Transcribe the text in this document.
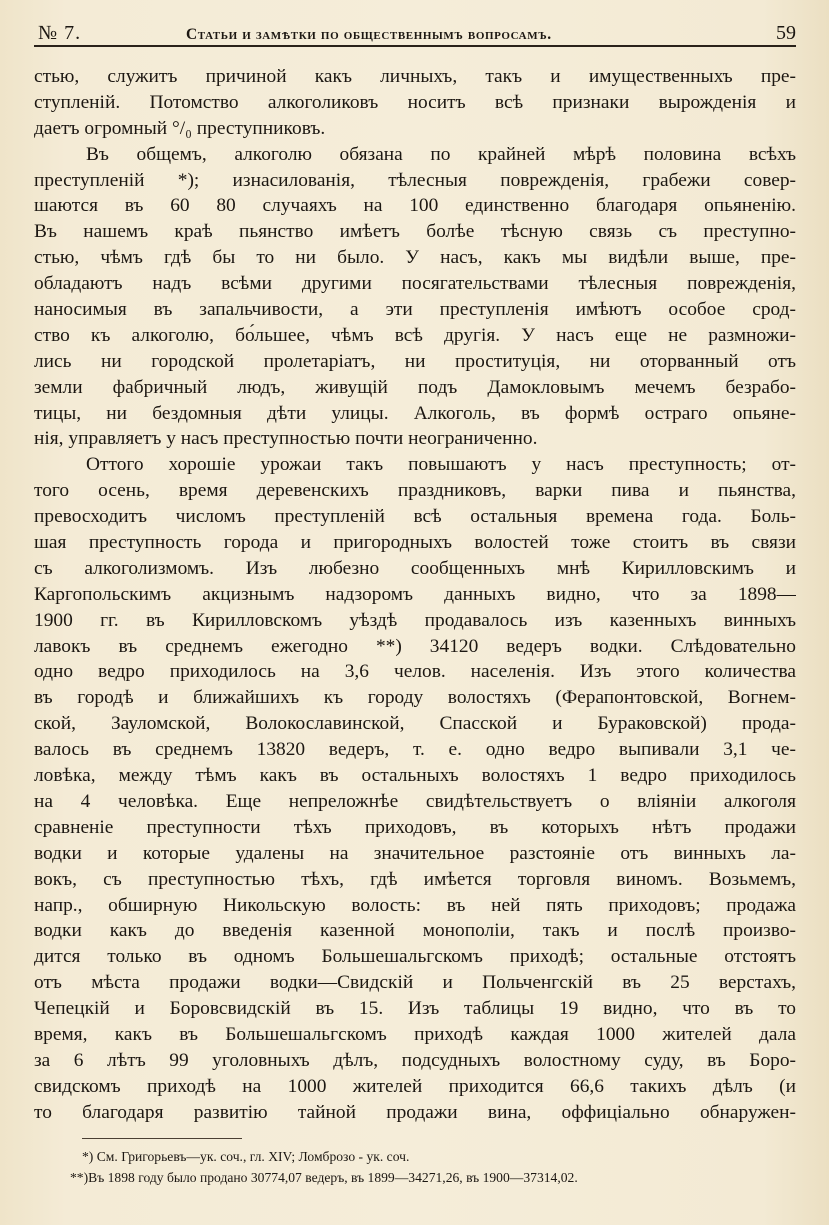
№ 7.	Статьи и замѣтки по общественнымъ вопросамъ.	59
стью, служитъ причиной какъ личныхъ, такъ и имущественныхъ пре-
ступленій. Потомство алкоголиковъ носитъ всѣ признаки вырожденія и
даетъ огромный °/₀ преступниковъ.
Въ общемъ, алкоголю обязана по крайней мѣрѣ половина всѣхъ
преступленій *); изнасилованія, тѣлесныя поврежденія, грабежи совер-
шаются въ 60 80 случаяхъ на 100 единственно благодаря опьяненію.
Въ нашемъ краѣ пьянство имѣетъ болѣе тѣсную связь съ преступно-
стью, чѣмъ гдѣ бы то ни было. У насъ, какъ мы видѣли выше, пре-
обладаютъ надъ всѣми другими посягательствами тѣлесныя поврежденія,
наносимыя въ запальчивости, а эти преступленія имѣютъ особое срод-
ство къ алкоголю, бо́льшее, чѣмъ всѣ другія. У насъ еще не размножи-
лись ни городской пролетаріатъ, ни проституція, ни оторванный отъ
земли фабричный людъ, живущій подъ Дамокловымъ мечемъ безрабо-
тицы, ни бездомныя дѣти улицы. Алкоголь, въ формѣ остраго опьяне-
нія, управляетъ у насъ преступностью почти неограниченно.
Оттого хорошіе урожаи такъ повышаютъ у насъ преступность; от-
того осень, время деревенскихъ праздниковъ, варки пива и пьянства,
превосходитъ числомъ преступленій всѣ остальныя времена года. Боль-
шая преступность города и пригородныхъ волостей тоже стоитъ въ связи
съ алкоголизмомъ. Изъ любезно сообщенныхъ мнѣ Кирилловскимъ и
Каргопольскимъ акцизнымъ надзоромъ данныхъ видно, что за 1898—
1900 гг. въ Кирилловскомъ уѣздѣ продавалось изъ казенныхъ винныхъ
лавокъ въ среднемъ ежегодно **) 34120 ведеръ водки. Слѣдовательно
одно ведро приходилось на 3,6 челов. населенія. Изъ этого количества
въ городѣ и ближайшихъ къ городу волостяхъ (Ферапонтовской, Вогнем-
ской, Зауломской, Волокославинской, Спасской и Бураковской) прода-
валось въ среднемъ 13820 ведеръ, т. е. одно ведро выпивали 3,1 че-
ловѣка, между тѣмъ какъ въ остальныхъ волостяхъ 1 ведро приходилось
на 4 человѣка. Еще непреложнѣе свидѣтельствуетъ о вліяніи алкоголя
сравненіе преступности тѣхъ приходовъ, въ которыхъ нѣтъ продажи
водки и которые удалены на значительное разстояніе отъ винныхъ ла-
вокъ, съ преступностью тѣхъ, гдѣ имѣется торговля виномъ. Возьмемъ,
напр., обширную Никольскую волость: въ ней пять приходовъ; продажа
водки какъ до введенія казенной монополіи, такъ и послѣ произво-
дится только въ одномъ Большешальгскомъ приходѣ; остальные отстоятъ
отъ мѣста продажи водки—Свидскій и Польченгскій въ 25 верстахъ,
Чепецкій и Боровсвидскій въ 15. Изъ таблицы 19 видно, что въ то
время, какъ въ Большешальгскомъ приходѣ каждая 1000 жителей дала
за 6 лѣтъ 99 уголовныхъ дѣлъ, подсудныхъ волостному суду, въ Боро-
свидскомъ приходѣ на 1000 жителей приходится 66,6 такихъ дѣлъ (и
то благодаря развитію тайной продажи вина, оффиціально обнаружен-
*) См. Григорьевъ—ук. соч., гл. XIV; Ломброзо - ук. соч.
**)Въ 1898 году было продано 30774,07 ведеръ, въ 1899—34271,26, въ 1900—37314,02.
